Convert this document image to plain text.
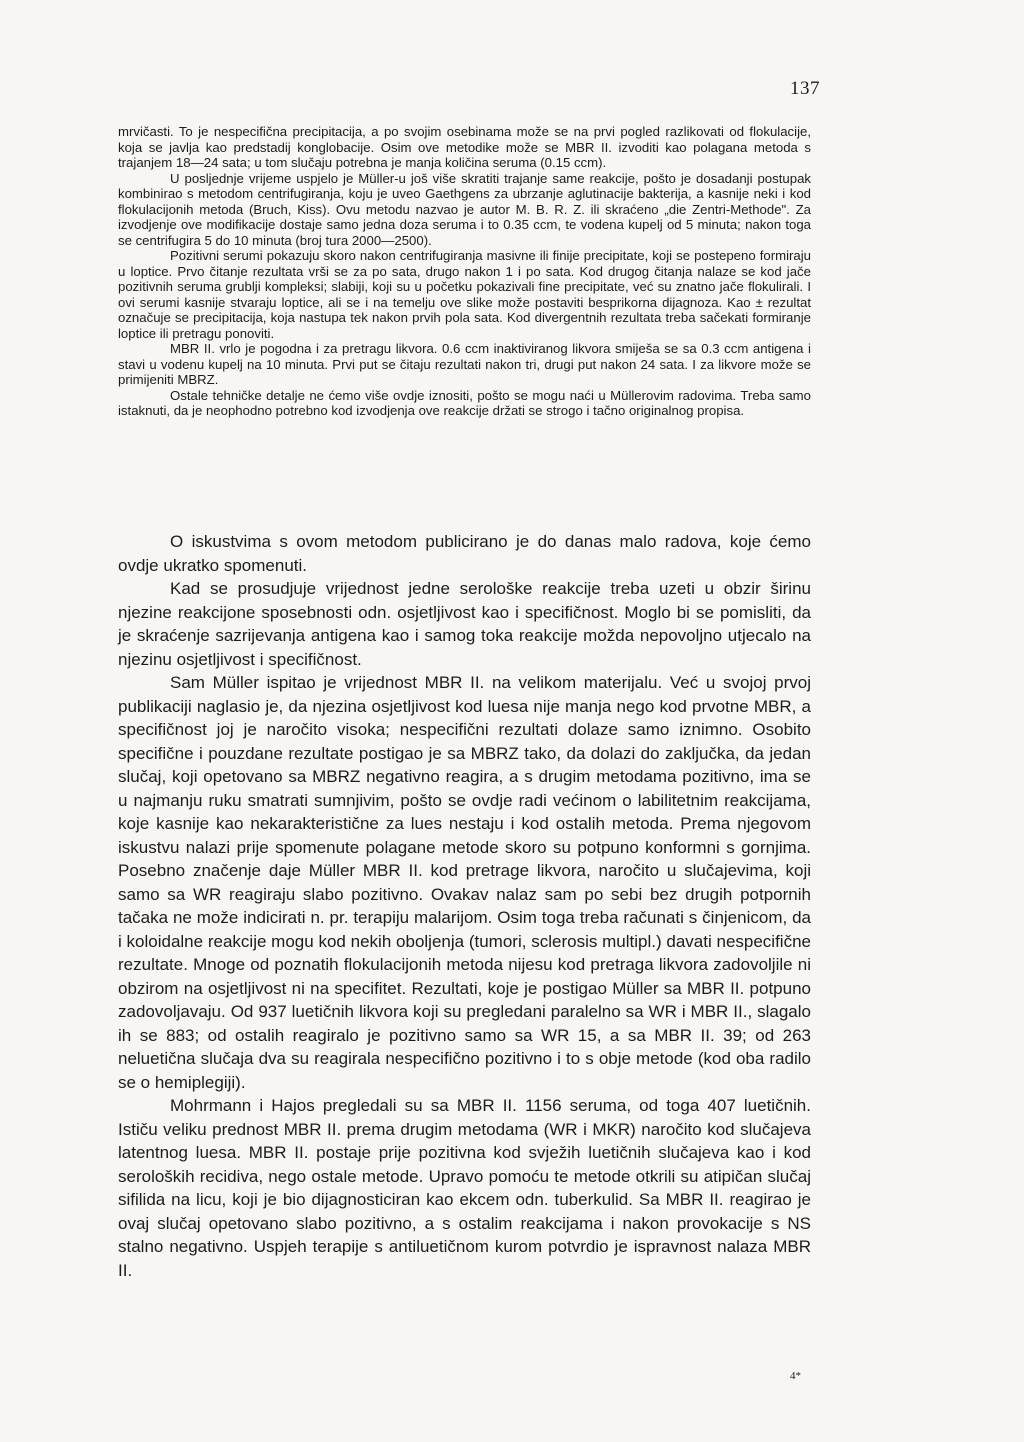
137

mrvičasti. To je nespecifična precipitacija, a po svojim osebinama može se na prvi pogled razlikovati od flokulacije, koja se javlja kao predstadij konglobacije. Osim ove metodike može se MBR II. izvoditi kao polagana metoda s trajanjem 18—24 sata; u tom slučaju potrebna je manja količina seruma (0.15 ccm).

U posljednje vrijeme uspjelo je Müller-u još više skratiti trajanje same reakcije, pošto je dosadanji postupak kombinirao s metodom centrifugiranja, koju je uveo Gaethgens za ubrzanje aglutinacije bakterija, a kasnije neki i kod flokulacijonih metoda (Bruch, Kiss). Ovu metodu nazvao je autor M. B. R. Z. ili skraćeno „die Zentri-Methode". Za izvodjenje ove modifikacije dostaje samo jedna doza seruma i to 0.35 ccm, te vodena kupelj od 5 minuta; nakon toga se centrifugira 5 do 10 minuta (broj tura 2000—2500).

Pozitivni serumi pokazuju skoro nakon centrifugiranja masivne ili finije precipitate, koji se postepeno formiraju u loptice. Prvo čitanje rezultata vrši se za po sata, drugo nakon 1 i po sata. Kod drugog čitanja nalaze se kod jače pozitivnih seruma grublji kompleksi; slabiji, koji su u početku pokazivali fine precipitate, već su znatno jače flokulirali. I ovi serumi kasnije stvaraju loptice, ali se i na temelju ove slike može postaviti besprikorna dijagnoza. Kao ± rezultat označuje se precipitacija, koja nastupa tek nakon prvih pola sata. Kod divergentnih rezultata treba sačekati formiranje loptice ili pretragu ponoviti.

MBR II. vrlo je pogodna i za pretragu likvora. 0.6 ccm inaktiviranog likvora smiješa se sa 0.3 ccm antigena i stavi u vodenu kupelj na 10 minuta. Prvi put se čitaju rezultati nakon tri, drugi put nakon 24 sata. I za likvore može se primijeniti MBRZ.

Ostale tehničke detalje ne ćemo više ovdje iznositi, pošto se mogu naći u Müllerovim radovima. Treba samo istaknuti, da je neophodno potrebno kod izvodjenja ove reakcije držati se strogo i tačno originalnog propisa.

O iskustvima s ovom metodom publicirano je do danas malo radova, koje ćemo ovdje ukratko spomenuti.

Kad se prosudjuje vrijednost jedne serološke reakcije treba uzeti u obzir širinu njezine reakcijone sposebnosti odn. osjetljivost kao i specifičnost. Moglo bi se pomisliti, da je skraćenje sazrijevanja antigena kao i samog toka reakcije možda nepovoljno utjecalo na njezinu osjetljivost i specifičnost.

Sam Müller ispitao je vrijednost MBR II. na velikom materijalu. Već u svojoj prvoj publikaciji naglasio je, da njezina osjetljivost kod luesa nije manja nego kod prvotne MBR, a specifičnost joj je naročito visoka; nespecifični rezultati dolaze samo iznimno. Osobito specifične i pouzdane rezultate postigao je sa MBRZ tako, da dolazi do zaključka, da jedan slučaj, koji opetovano sa MBRZ negativno reagira, a s drugim metodama pozitivno, ima se u najmanju ruku smatrati sumnjivim, pošto se ovdje radi većinom o labilitetnim reakcijama, koje kasnije kao nekarakteristične za lues nestaju i kod ostalih metoda. Prema njegovom iskustvu nalazi prije spomenute polagane metode skoro su potpuno konformni s gornjima. Posebno značenje daje Müller MBR II. kod pretrage likvora, naročito u slučajevima, koji samo sa WR reagiraju slabo pozitivno. Ovakav nalaz sam po sebi bez drugih potpornih tačaka ne može indicirati n. pr. terapiju malarijom. Osim toga treba računati s činjenicom, da i koloidalne reakcije mogu kod nekih oboljenja (tumori, sclerosis multipl.) davati nespecifične rezultate. Mnoge od poznatih flokulacijonih metoda nijesu kod pretraga likvora zadovoljile ni obzirom na osjetljivost ni na specifitet. Rezultati, koje je postigao Müller sa MBR II. potpuno zadovoljavaju. Od 937 luetičnih likvora koji su pregledani paralelno sa WR i MBR II., slagalo ih se 883; od ostalih reagiralo je pozitivno samo sa WR 15, a sa MBR II. 39; od 263 neluetična slučaja dva su reagirala nespecifično pozitivno i to s obje metode (kod oba radilo se o hemiplegiji).

Mohrmann i Hajos pregledali su sa MBR II. 1156 seruma, od toga 407 luetičnih. Ističu veliku prednost MBR II. prema drugim metodama (WR i MKR) naročito kod slučajeva latentnog luesa. MBR II. postaje prije pozitivna kod svježih luetičnih slučajeva kao i kod seroloških recidiva, nego ostale metode. Upravo pomoću te metode otkrili su atipičan slučaj sifilida na licu, koji je bio dijagnosticiran kao ekcem odn. tuberkulid. Sa MBR II. reagirao je ovaj slučaj opetovano slabo pozitivno, a s ostalim reakcijama i nakon provokacije s NS stalno negativno. Uspjeh terapije s antiluetičnom kurom potvrdio je ispravnost nalaza MBR II.

4*
